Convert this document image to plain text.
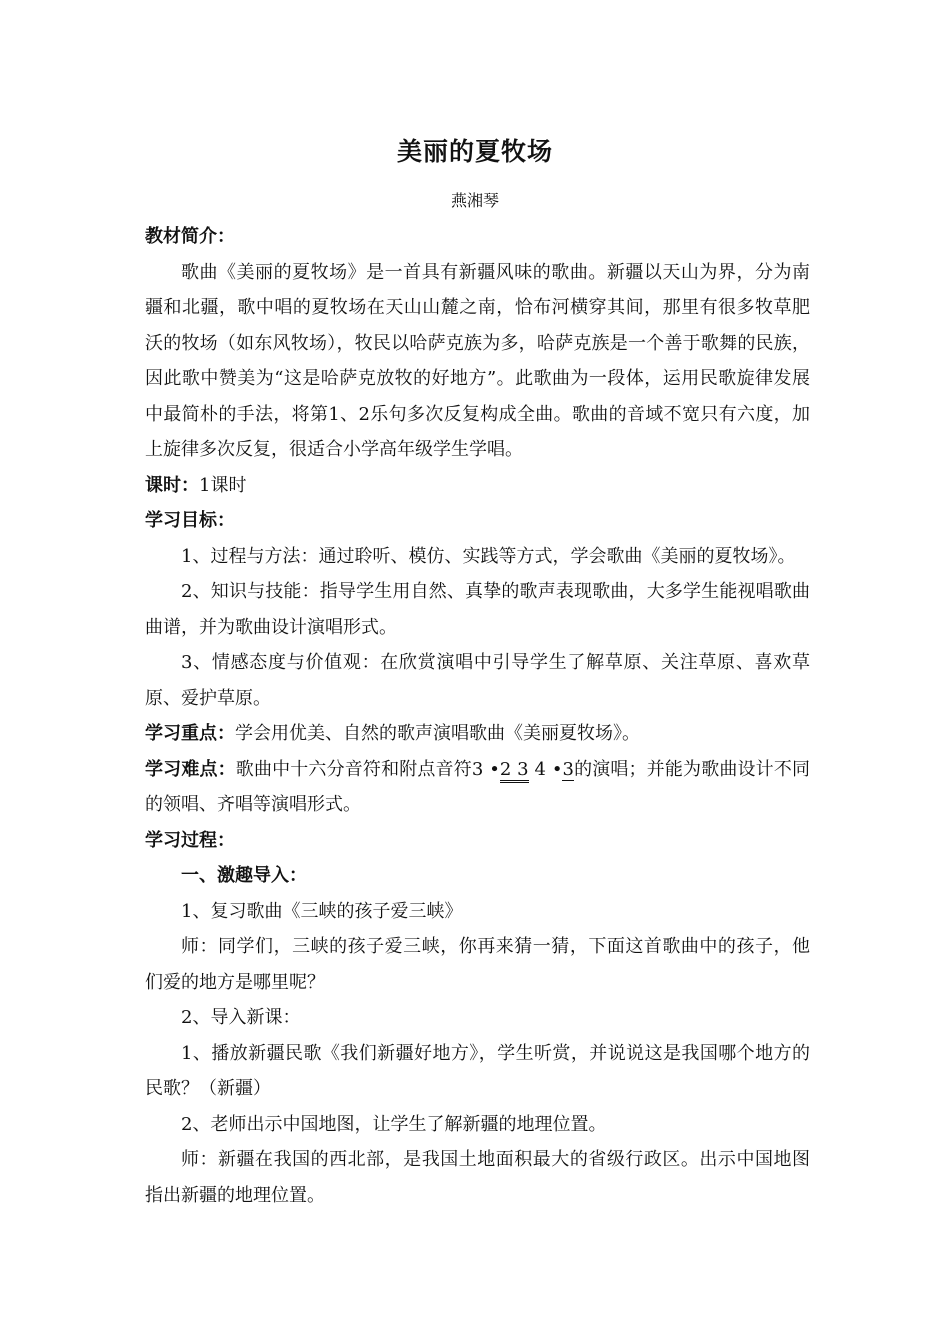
美丽的夏牧场
燕湘琴

教材简介：

歌曲《美丽的夏牧场》是一首具有新疆风味的歌曲。新疆以天山为界，分为南疆和北疆，歌中唱的夏牧场在天山山麓之南，恰布河横穿其间，那里有很多牧草肥沃的牧场（如东风牧场），牧民以哈萨克族为多，哈萨克族是一个善于歌舞的民族，因此歌中赞美为“这是哈萨克放牧的好地方”。此歌曲为一段体，运用民歌旋律发展中最简朴的手法，将第1、2乐句多次反复构成全曲。歌曲的音域不宽只有六度，加上旋律多次反复，很适合小学高年级学生学唱。

课时：1课时

学习目标：

1、过程与方法：通过聆听、模仿、实践等方式，学会歌曲《美丽的夏牧场》。

2、知识与技能：指导学生用自然、真挚的歌声表现歌曲，大多学生能视唱歌曲曲谱，并为歌曲设计演唱形式。

3、情感态度与价值观：在欣赏演唱中引导学生了解草原、关注草原、喜欢草原、爱护草原。

学习重点：学会用优美、自然的歌声演唱歌曲《美丽夏牧场》。

学习难点：歌曲中十六分音符和附点音符3 •2 3 4 •3的演唱；并能为歌曲设计不同的领唱、齐唱等演唱形式。

学习过程：

一、激趣导入：

1、复习歌曲《三峡的孩子爱三峡》

师：同学们，三峡的孩子爱三峡，你再来猜一猜，下面这首歌曲中的孩子，他们爱的地方是哪里呢？

2、导入新课：

1、播放新疆民歌《我们新疆好地方》，学生听赏，并说说这是我国哪个地方的民歌？（新疆）

2、老师出示中国地图，让学生了解新疆的地理位置。

师：新疆在我国的西北部，是我国土地面积最大的省级行政区。出示中国地图指出新疆的地理位置。
